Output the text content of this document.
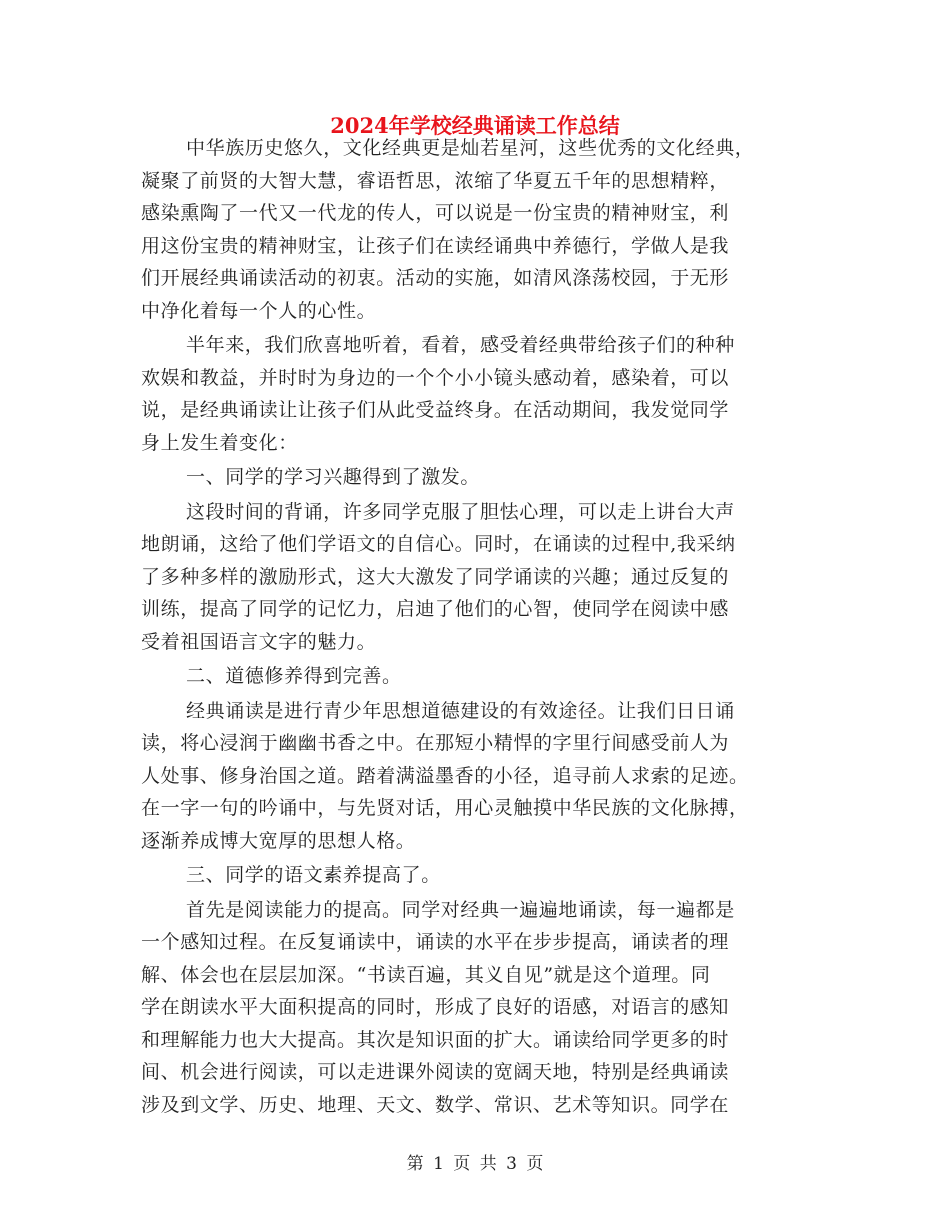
2024年学校经典诵读工作总结

中华族历史悠久，文化经典更是灿若星河，这些优秀的文化经典，
凝聚了前贤的大智大慧，睿语哲思，浓缩了华夏五千年的思想精粹，
感染熏陶了一代又一代龙的传人，可以说是一份宝贵的精神财宝，利
用这份宝贵的精神财宝，让孩子们在读经诵典中养德行，学做人是我
们开展经典诵读活动的初衷。活动的实施，如清风涤荡校园，于无形
中净化着每一个人的心性。

半年来，我们欣喜地听着，看着，感受着经典带给孩子们的种种
欢娱和教益，并时时为身边的一个个小小镜头感动着，感染着，可以
说，是经典诵读让让孩子们从此受益终身。在活动期间，我发觉同学
身上发生着变化：

一、同学的学习兴趣得到了激发。

这段时间的背诵，许多同学克服了胆怯心理，可以走上讲台大声
地朗诵，这给了他们学语文的自信心。同时，在诵读的过程中,我采纳
了多种多样的激励形式，这大大激发了同学诵读的兴趣；通过反复的
训练，提高了同学的记忆力，启迪了他们的心智，使同学在阅读中感
受着祖国语言文字的魅力。

二、道德修养得到完善。

经典诵读是进行青少年思想道德建设的有效途径。让我们日日诵
读，将心浸润于幽幽书香之中。在那短小精悍的字里行间感受前人为
人处事、修身治国之道。踏着满溢墨香的小径，追寻前人求索的足迹。
在一字一句的吟诵中，与先贤对话，用心灵触摸中华民族的文化脉搏，
逐渐养成博大宽厚的思想人格。

三、同学的语文素养提高了。

首先是阅读能力的提高。同学对经典一遍遍地诵读，每一遍都是
一个感知过程。在反复诵读中，诵读的水平在步步提高，诵读者的理
解、体会也在层层加深。“书读百遍，其义自见”就是这个道理。同
学在朗读水平大面积提高的同时，形成了良好的语感，对语言的感知
和理解能力也大大提高。其次是知识面的扩大。诵读给同学更多的时
间、机会进行阅读，可以走进课外阅读的宽阔天地，特别是经典诵读
涉及到文学、历史、地理、天文、数学、常识、艺术等知识。同学在

第 1 页 共 3 页
